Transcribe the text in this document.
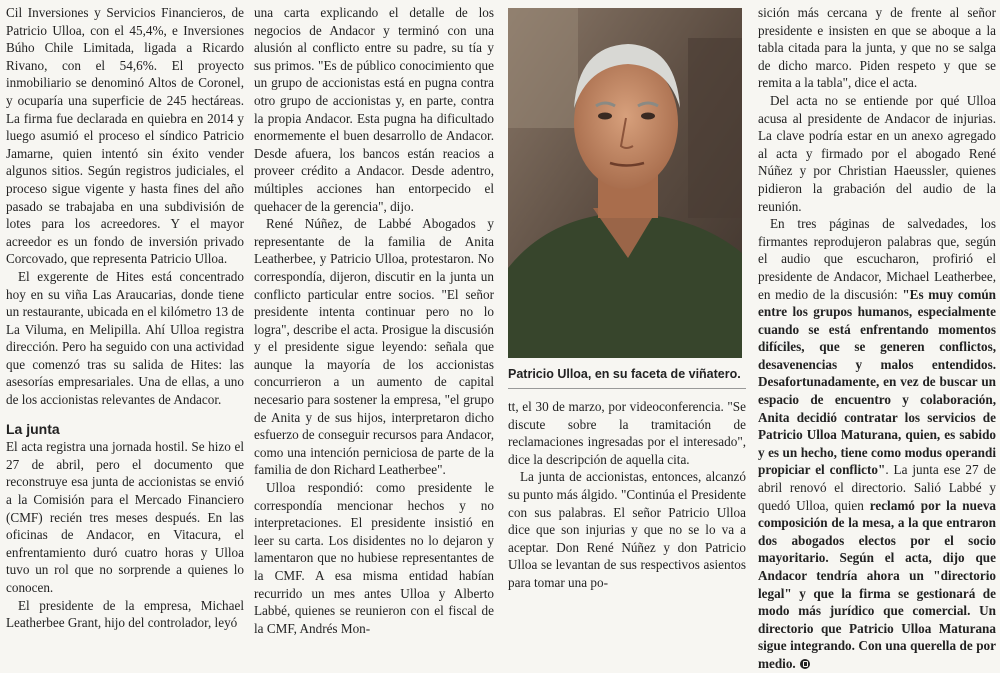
Cil Inversiones y Servicios Financieros, de Patricio Ulloa, con el 45,4%, e Inversiones Búho Chile Limitada, ligada a Ricardo Rivano, con el 54,6%. El proyecto inmobiliario se denominó Altos de Coronel, y ocuparía una superficie de 245 hectáreas. La firma fue declarada en quiebra en 2014 y luego asumió el proceso el síndico Patricio Jamarne, quien intentó sin éxito vender algunos sitios. Según registros judiciales, el proceso sigue vigente y hasta fines del año pasado se trabajaba en una subdivisión de lotes para los acreedores. Y el mayor acreedor es un fondo de inversión privado Corcovado, que representa Patricio Ulloa.

El exgerente de Hites está concentrado hoy en su viña Las Araucarias, donde tiene un restaurante, ubicada en el kilómetro 13 de La Viluma, en Melipilla. Ahí Ulloa registra dirección. Pero ha seguido con una actividad que comenzó tras su salida de Hites: las asesorías empresariales. Una de ellas, a uno de los accionistas relevantes de Andacor.

La junta

El acta registra una jornada hostil. Se hizo el 27 de abril, pero el documento que reconstruye esa junta de accionistas se envió a la Comisión para el Mercado Financiero (CMF) recién tres meses después. En las oficinas de Andacor, en Vitacura, el enfrentamiento duró cuatro horas y Ulloa tuvo un rol que no sorprende a quienes lo conocen.

El presidente de la empresa, Michael Leatherbee Grant, hijo del controlador, leyó

una carta explicando el detalle de los negocios de Andacor y terminó con una alusión al conflicto entre su padre, su tía y sus primos. "Es de público conocimiento que un grupo de accionistas está en pugna contra otro grupo de accionistas y, en parte, contra la propia Andacor. Esta pugna ha dificultado enormemente el buen desarrollo de Andacor. Desde afuera, los bancos están reacios a proveer crédito a Andacor. Desde adentro, múltiples acciones han entorpecido el quehacer de la gerencia", dijo.

René Núñez, de Labbé Abogados y representante de la familia de Anita Leatherbee, y Patricio Ulloa, protestaron. No correspondía, dijeron, discutir en la junta un conflicto particular entre socios. "El señor presidente intenta continuar pero no lo logra", describe el acta. Prosigue la discusión y el presidente sigue leyendo: señala que aunque la mayoría de los accionistas concurrieron a un aumento de capital necesario para sostener la empresa, "el grupo de Anita y de sus hijos, interpretaron dicho esfuerzo de conseguir recursos para Andacor, como una intención perniciosa de parte de la familia de don Richard Leatherbee".

Ulloa respondió: como presidente le correspondía mencionar hechos y no interpretaciones. El presidente insistió en leer su carta. Los disidentes no lo dejaron y lamentaron que no hubiese representantes de la CMF. A esa misma entidad habían recurrido un mes antes Ulloa y Alberto Labbé, quienes se reunieron con el fiscal de la CMF, Andrés Mon-

Patricio Ulloa, en su faceta de viñatero.

tt, el 30 de marzo, por videoconferencia. "Se discute sobre la tramitación de reclamaciones ingresadas por el interesado", dice la descripción de aquella cita.

La junta de accionistas, entonces, alcanzó su punto más álgido. "Continúa el Presidente con sus palabras. El señor Patricio Ulloa dice que son injurias y que no se lo va a aceptar. Don René Núñez y don Patricio Ulloa se levantan de sus respectivos asientos para tomar una po-

sición más cercana y de frente al señor presidente e insisten en que se aboque a la tabla citada para la junta, y que no se salga de dicho marco. Piden respeto y que se remita a la tabla", dice el acta.

Del acta no se entiende por qué Ulloa acusa al presidente de Andacor de injurias. La clave podría estar en un anexo agregado al acta y firmado por el abogado René Núñez y por Christian Haeussler, quienes pidieron la grabación del audio de la reunión.

En tres páginas de salvedades, los firmantes reprodujeron palabras que, según el audio que escucharon, profirió el presidente de Andacor, Michael Leatherbee, en medio de la discusión: "Es muy común entre los grupos humanos, especialmente cuando se está enfrentando momentos difíciles, que se generen conflictos, desavenencias y malos entendidos. Desafortunadamente, en vez de buscar un espacio de encuentro y colaboración, Anita decidió contratar los servicios de Patricio Ulloa Maturana, quien, es sabido y es un hecho, tiene como modus operandi propiciar el conflicto". La junta ese 27 de abril renovó el directorio. Salió Labbé y quedó Ulloa, quien reclamó por la nueva composición de la mesa, a la que entraron dos abogados electos por el socio mayoritario. Según el acta, dijo que Andacor tendría ahora un "directorio legal" y que la firma se gestionará de modo más jurídico que comercial. Un directorio que Patricio Ulloa Maturana sigue integrando. Con una querella de por medio.
